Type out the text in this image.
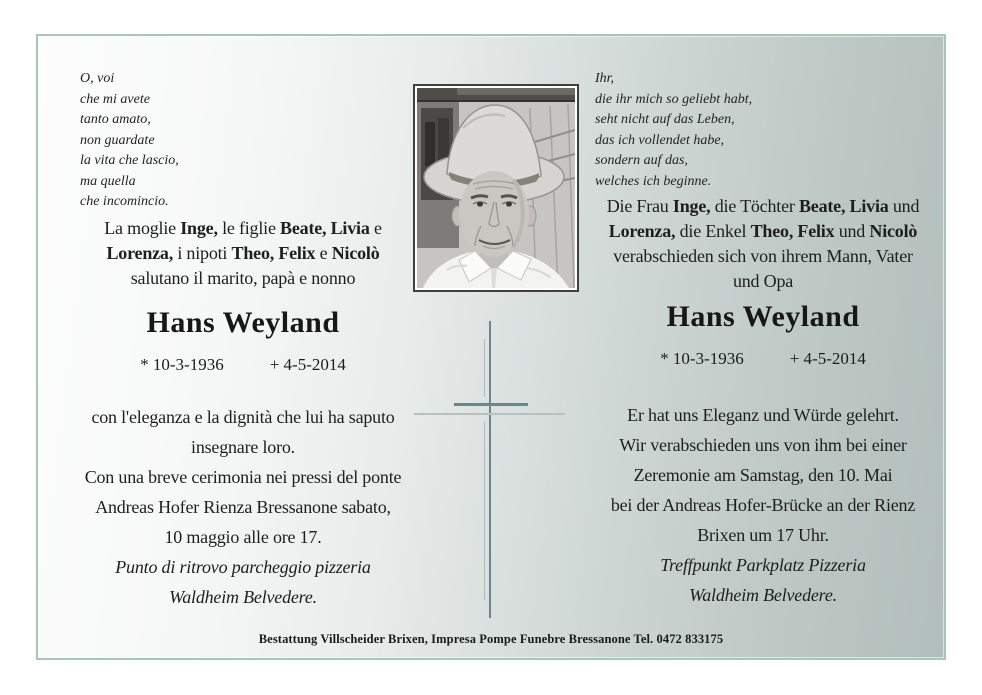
O, voi
che mi avete
tanto amato,
non guardate
la vita che lascio,
ma quella
che incomincio.
La moglie Inge, le figlie Beate, Livia e
Lorenza, i nipoti Theo, Felix e Nicolò
salutano il marito, papà e nonno
Hans Weyland
* 10-3-1936	+ 4-5-2014
con l'eleganza e la dignità che lui ha saputo
insegnare loro.
Con una breve cerimonia nei pressi del ponte
Andreas Hofer Rienza Bressanone sabato,
10 maggio alle ore 17.
Punto di ritrovo parcheggio pizzeria
Waldheim Belvedere.
Ihr,
die ihr mich so geliebt habt,
seht nicht auf das Leben,
das ich vollendet habe,
sondern auf das,
welches ich beginne.
Die Frau Inge, die Töchter Beate, Livia und
Lorenza, die Enkel Theo, Felix und Nicolò
verabschieden sich von ihrem Mann, Vater
und Opa
Hans Weyland
* 10-3-1936	+ 4-5-2014
Er hat uns Eleganz und Würde gelehrt.
Wir verabschieden uns von ihm bei einer
Zeremonie am Samstag, den 10. Mai
bei der Andreas Hofer-Brücke an der Rienz
Brixen um 17 Uhr.
Treffpunkt Parkplatz Pizzeria
Waldheim Belvedere.
Bestattung Villscheider Brixen, Impresa Pompe Funebre Bressanone Tel. 0472 833175
